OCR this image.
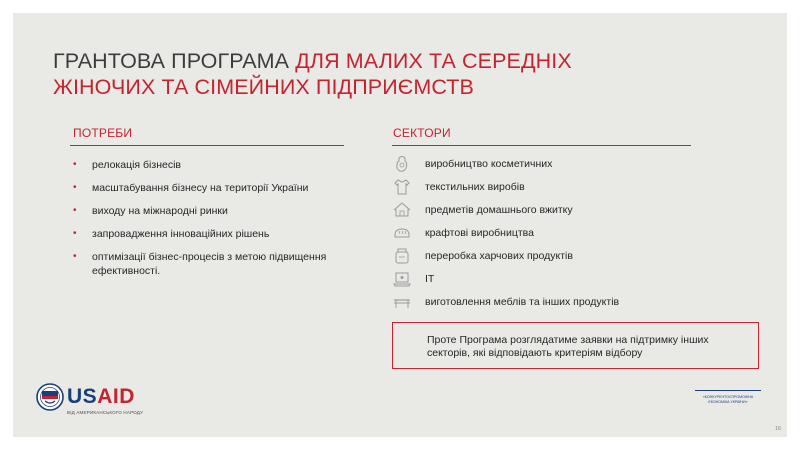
ГРАНТОВА ПРОГРАМА ДЛЯ МАЛИХ ТА СЕРЕДНІХ
ЖІНОЧИХ ТА СІМЕЙНИХ ПІДПРИЄМСТВ
ПОТРЕБИ
• релокація бізнесів
• масштабування бізнесу на території України
• виходу на міжнародні ринки
• запровадження інноваційних рішень
• оптимізації бізнес-процесів з метою підвищення ефективності.
СЕКТОРИ
виробництво косметичних
текстильних виробів
предметів домашнього вжитку
крафтові виробництва
переробка харчових продуктів
IT
виготовлення меблів та інших продуктів
Проте Програма розглядатиме заявки на підтримку інших секторів, які відповідають критеріям відбору
USAID
ВІД АМЕРИКАНСЬКОГО НАРОДУ
«КОНКУРЕНТОСПРОМОЖНА ЕКОНОМІКА УКРАЇНИ»
16
